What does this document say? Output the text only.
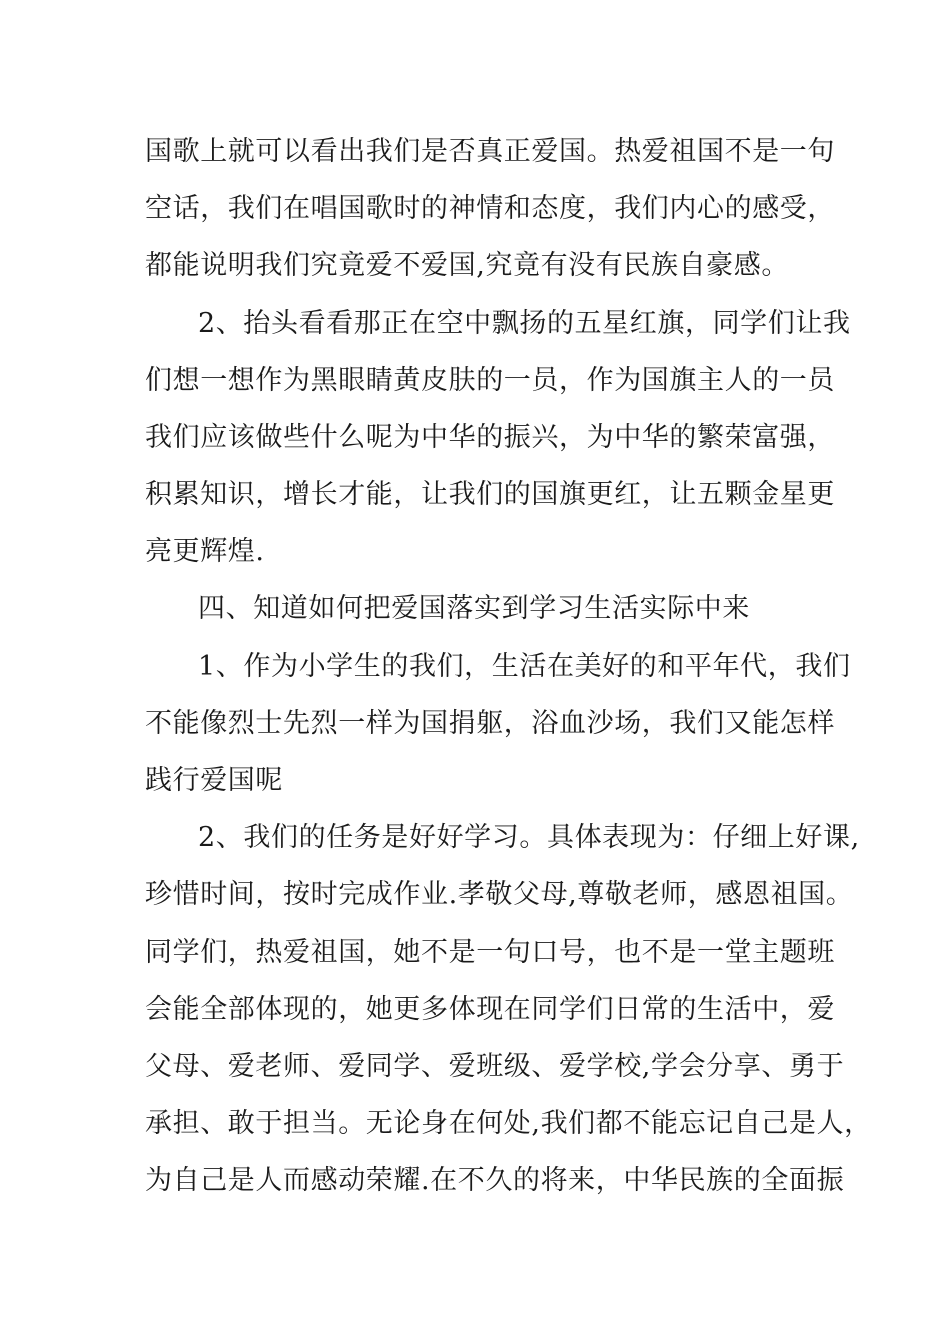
国歌上就可以看出我们是否真正爱国。热爱祖国不是一句
空话，我们在唱国歌时的神情和态度，我们内心的感受，
都能说明我们究竟爱不爱国,究竟有没有民族自豪感。
2、抬头看看那正在空中飘扬的五星红旗，同学们让我
们想一想作为黑眼睛黄皮肤的一员，作为国旗主人的一员
我们应该做些什么呢为中华的振兴，为中华的繁荣富强，
积累知识，增长才能，让我们的国旗更红，让五颗金星更
亮更辉煌.
四、知道如何把爱国落实到学习生活实际中来
1、作为小学生的我们，生活在美好的和平年代，我们
不能像烈士先烈一样为国捐躯，浴血沙场，我们又能怎样
践行爱国呢
2、我们的任务是好好学习。具体表现为：仔细上好课,
珍惜时间，按时完成作业.孝敬父母,尊敬老师，感恩祖国。
同学们，热爱祖国，她不是一句口号，也不是一堂主题班
会能全部体现的，她更多体现在同学们日常的生活中，爱
父母、爱老师、爱同学、爱班级、爱学校,学会分享、勇于
承担、敢于担当。无论身在何处,我们都不能忘记自己是人，
为自己是人而感动荣耀.在不久的将来，中华民族的全面振
